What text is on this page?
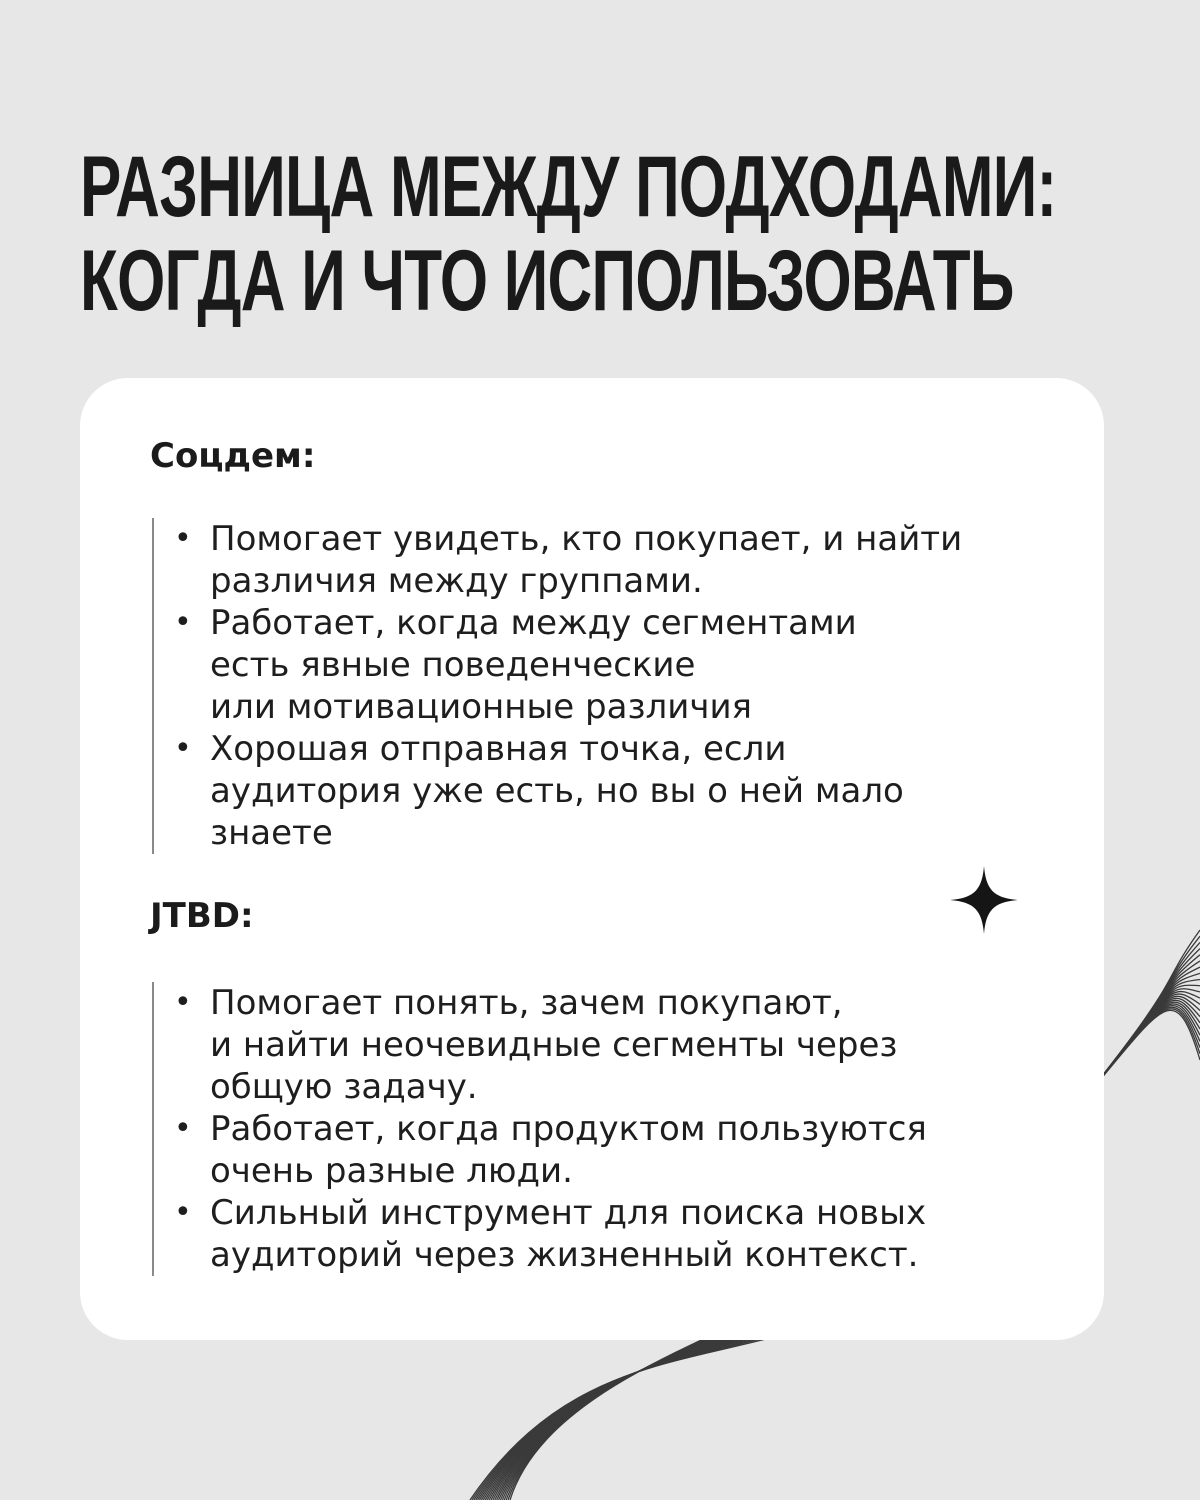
РАЗНИЦА МЕЖДУ ПОДХОДАМИ:
КОГДА И ЧТО ИСПОЛЬЗОВАТЬ
Соцдем:
• Помогает увидеть, кто покупает, и найти
различия между группами.
• Работает, когда между сегментами
есть явные поведенческие
или мотивационные различия
• Хорошая отправная точка, если
аудитория уже есть, но вы о ней мало
знаете
JTBD:
• Помогает понять, зачем покупают,
и найти неочевидные сегменты через
общую задачу.
• Работает, когда продуктом пользуются
очень разные люди.
• Сильный инструмент для поиска новых
аудиторий через жизненный контекст.
